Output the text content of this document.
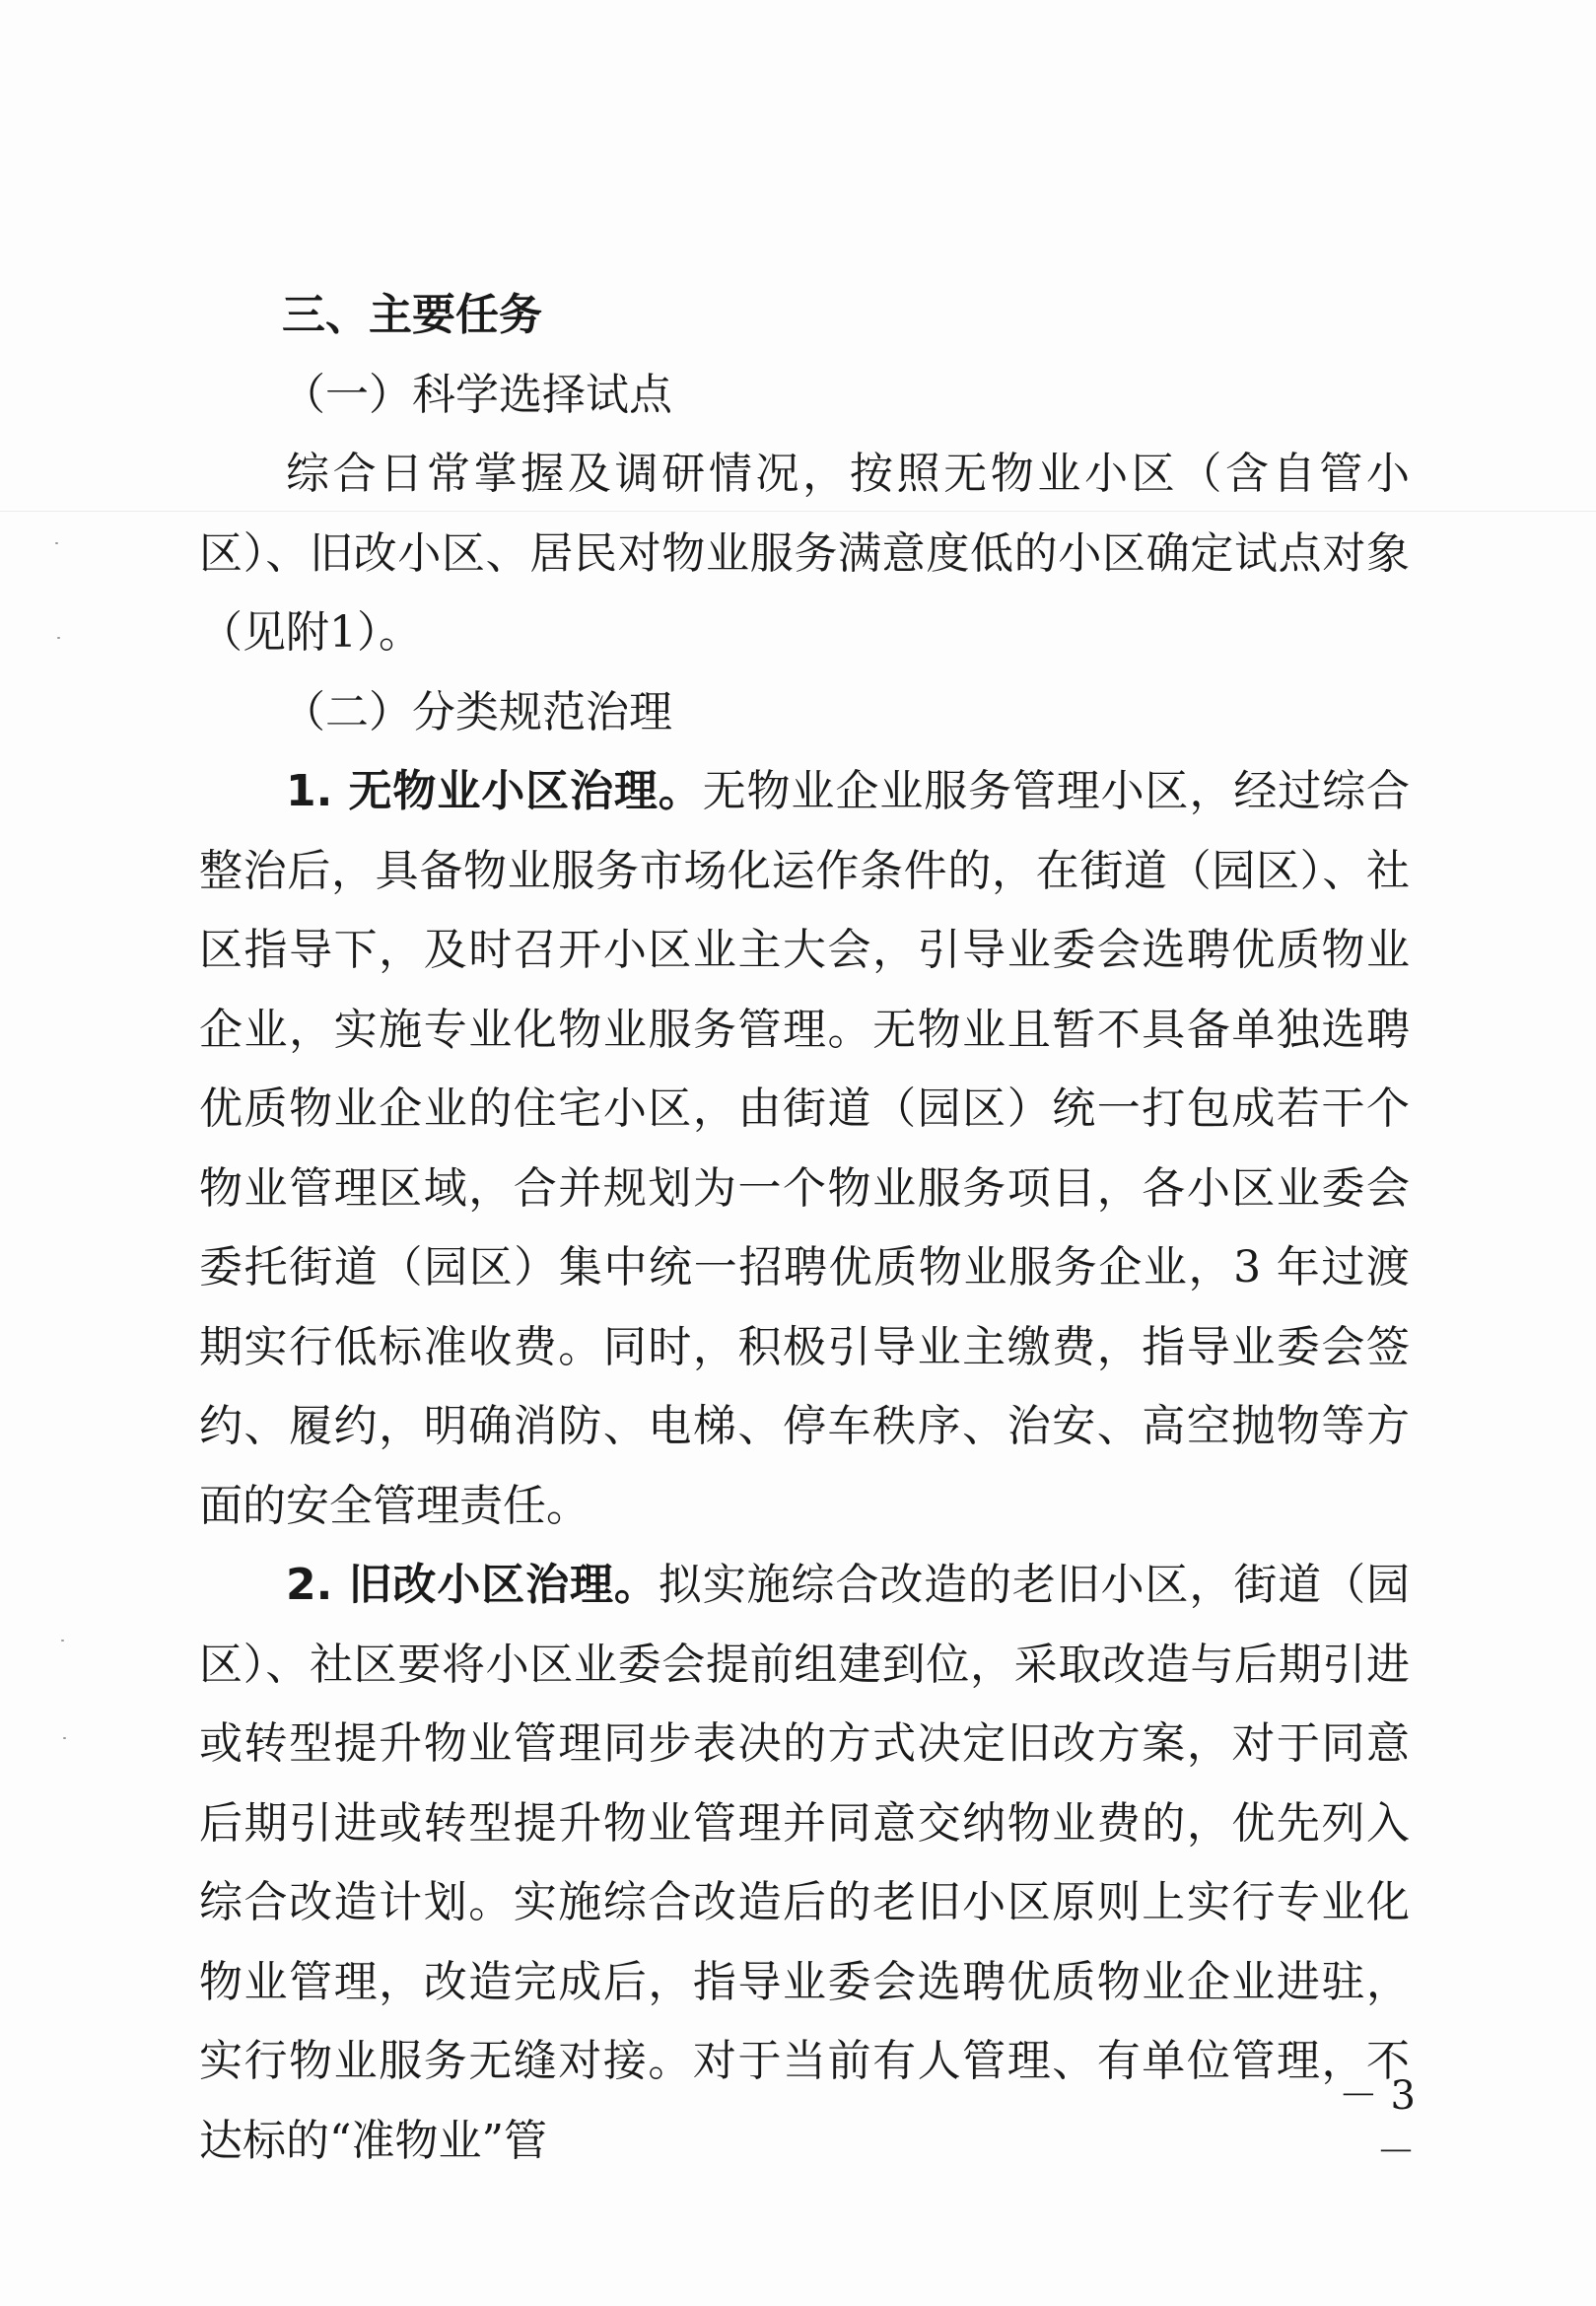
三、主要任务

（一）科学选择试点

综合日常掌握及调研情况，按照无物业小区（含自管小区）、旧改小区、居民对物业服务满意度低的小区确定试点对象（见附1）。

（二）分类规范治理

1. 无物业小区治理。无物业企业服务管理小区，经过综合整治后，具备物业服务市场化运作条件的，在街道（园区）、社区指导下，及时召开小区业主大会，引导业委会选聘优质物业企业，实施专业化物业服务管理。无物业且暂不具备单独选聘优质物业企业的住宅小区，由街道（园区）统一打包成若干个物业管理区域，合并规划为一个物业服务项目，各小区业委会委托街道（园区）集中统一招聘优质物业服务企业，3 年过渡期实行低标准收费。同时，积极引导业主缴费，指导业委会签约、履约，明确消防、电梯、停车秩序、治安、高空抛物等方面的安全管理责任。

2. 旧改小区治理。拟实施综合改造的老旧小区，街道（园区）、社区要将小区业委会提前组建到位，采取改造与后期引进或转型提升物业管理同步表决的方式决定旧改方案，对于同意后期引进或转型提升物业管理并同意交纳物业费的，优先列入综合改造计划。实施综合改造后的老旧小区原则上实行专业化物业管理，改造完成后，指导业委会选聘优质物业企业进驻，实行物业服务无缝对接。对于当前有人管理、有单位管理，不达标的“准物业”管

－ 3 －
